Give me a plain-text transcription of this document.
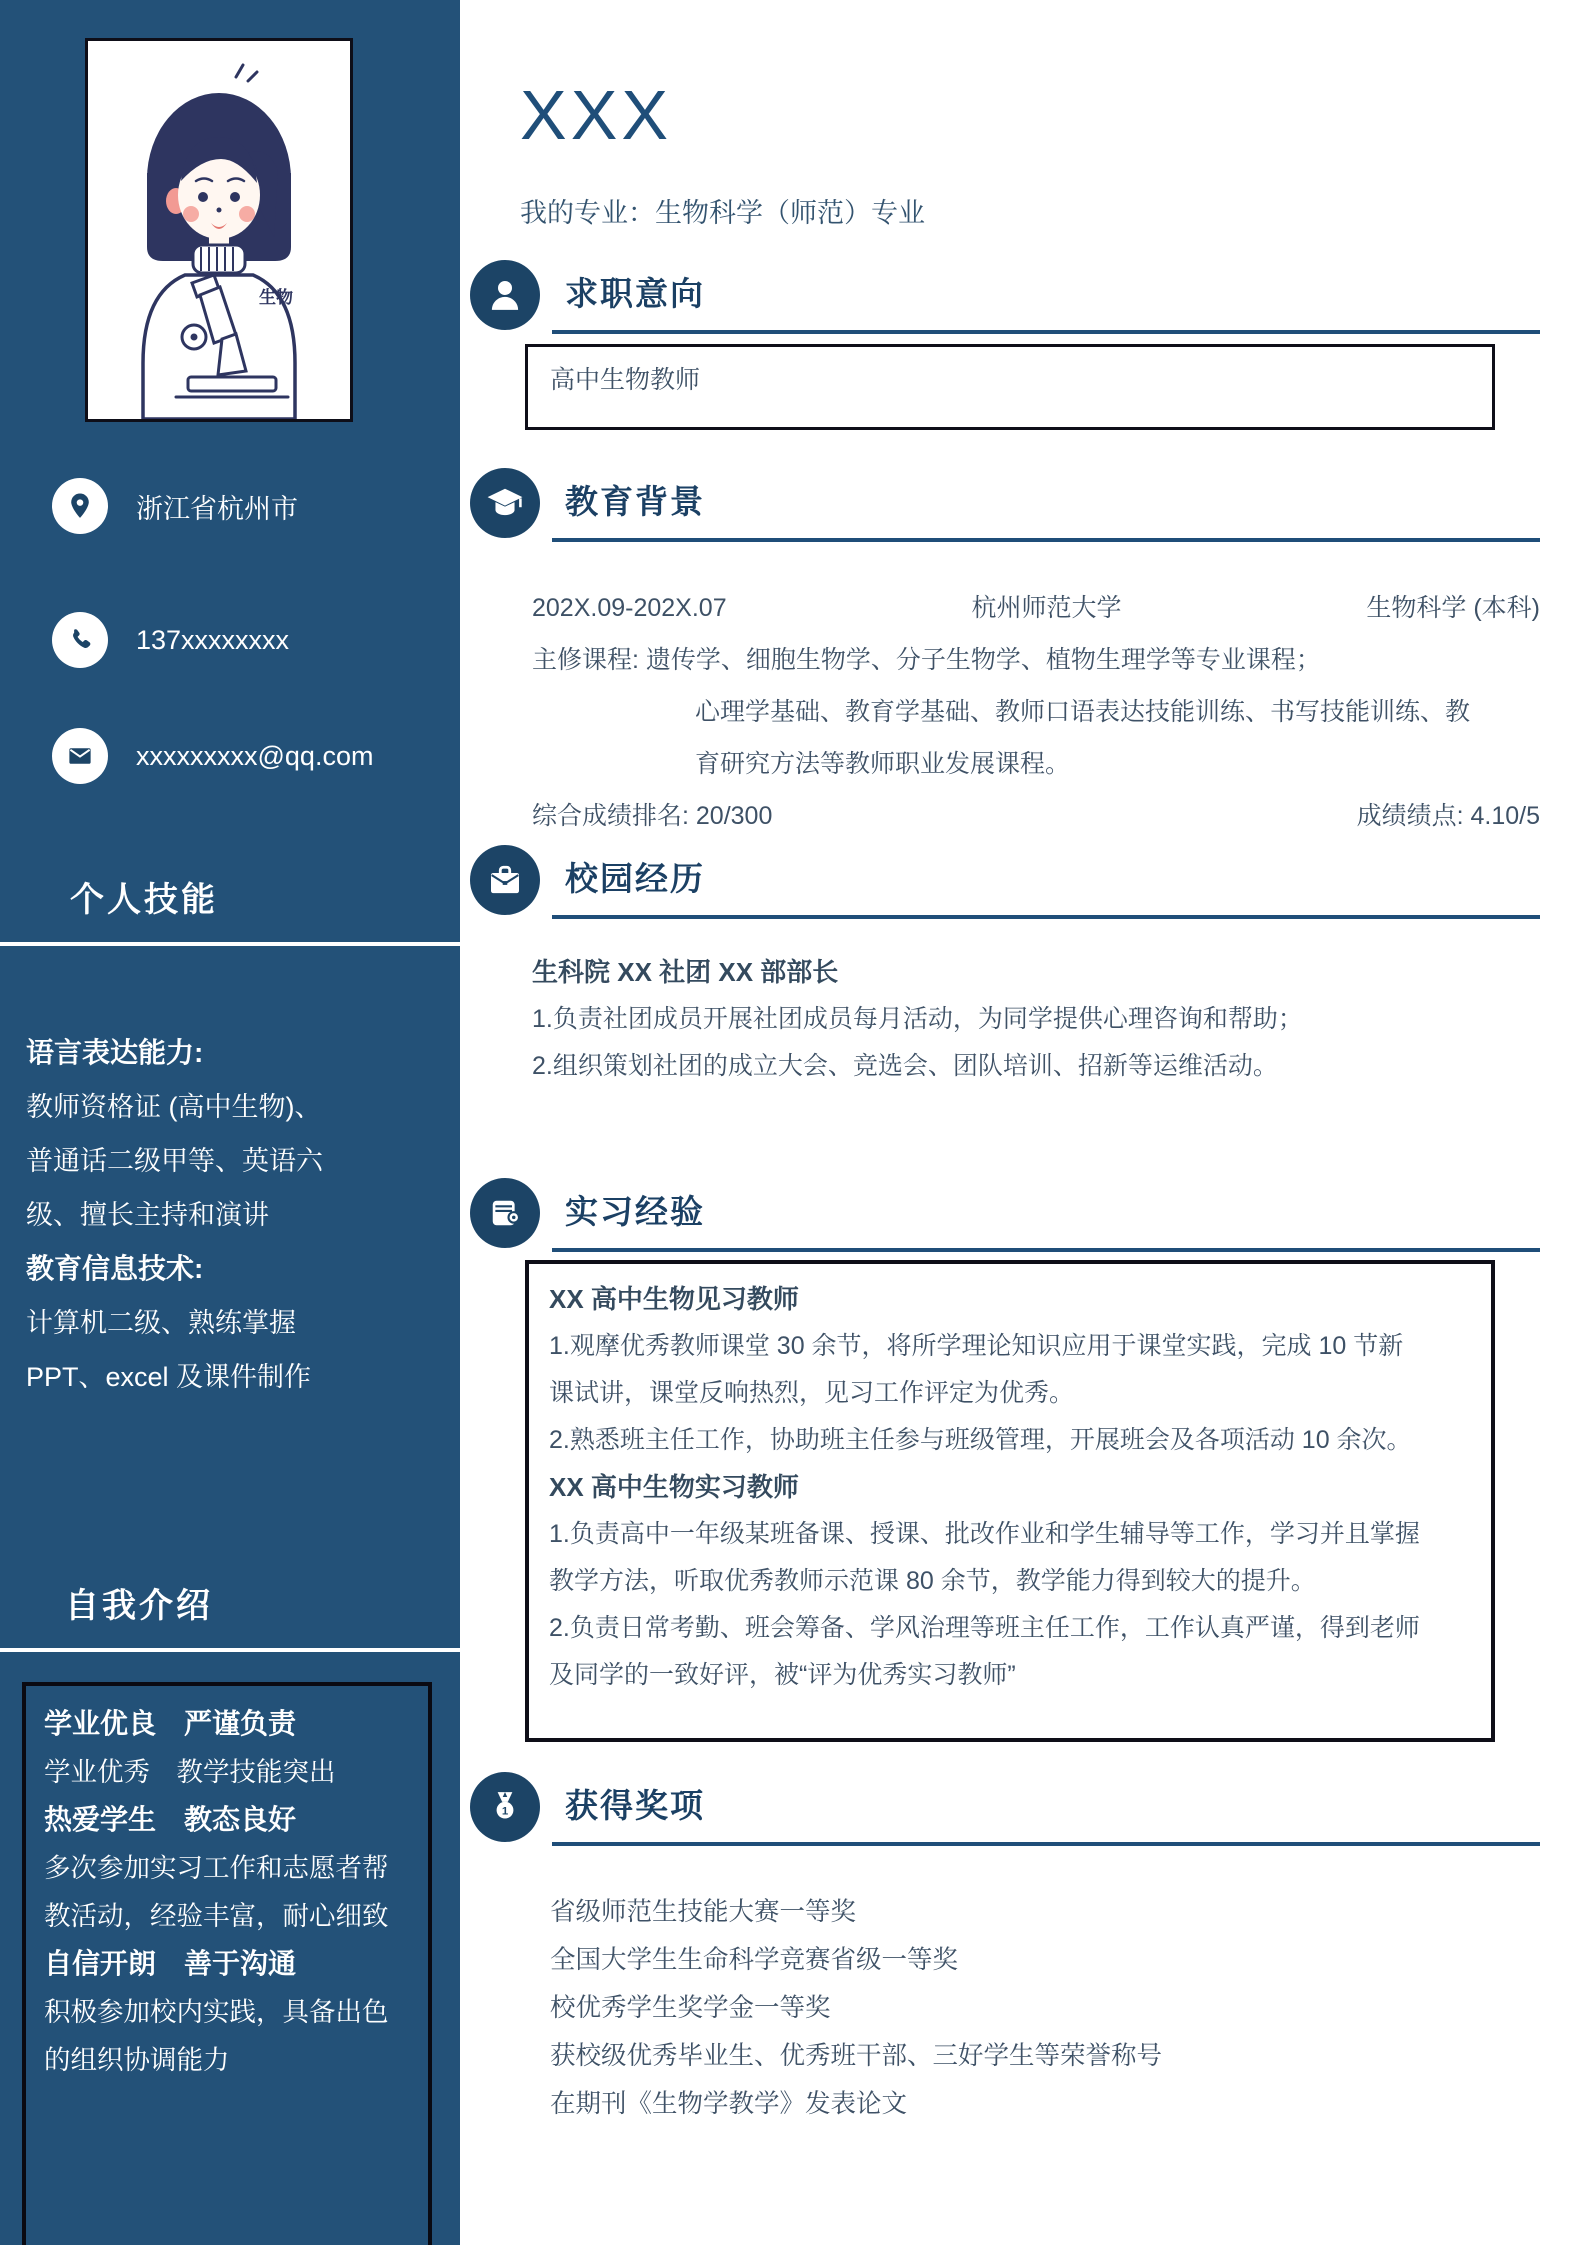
生物
浙江省杭州市
137xxxxxxxx
xxxxxxxxx@qq.com
个人技能
语言表达能力:
教师资格证 (高中生物)、
普通话二级甲等、英语六
级、擅长主持和演讲
教育信息技术:
计算机二级、熟练掌握
PPT、excel 及课件制作
自我介绍
学业优良　严谨负责
学业优秀　教学技能突出
热爱学生　教态良好
多次参加实习工作和志愿者帮
教活动，经验丰富，耐心细致
自信开朗　善于沟通
积极参加校内实践，具备出色
的组织协调能力
XXX
我的专业：生物科学（师范）专业
求职意向
高中生物教师
教育背景
202X.09-202X.07	杭州师范大学	生物科学 (本科)
主修课程: 遗传学、细胞生物学、分子生物学、植物生理学等专业课程；
心理学基础、教育学基础、教师口语表达技能训练、书写技能训练、教
育研究方法等教师职业发展课程。
综合成绩排名: 20/300	成绩绩点: 4.10/5
校园经历
生科院 XX 社团 XX 部部长
1.负责社团成员开展社团成员每月活动，为同学提供心理咨询和帮助；
2.组织策划社团的成立大会、竞选会、团队培训、招新等运维活动。
实习经验
XX 高中生物见习教师
1.观摩优秀教师课堂 30 余节，将所学理论知识应用于课堂实践，完成 10 节新
课试讲，课堂反响热烈，见习工作评定为优秀。
2.熟悉班主任工作，协助班主任参与班级管理，开展班会及各项活动 10 余次。
XX 高中生物实习教师
1.负责高中一年级某班备课、授课、批改作业和学生辅导等工作，学习并且掌握
教学方法，听取优秀教师示范课 80 余节，教学能力得到较大的提升。
2.负责日常考勤、班会筹备、学风治理等班主任工作，工作认真严谨，得到老师
及同学的一致好评，被“评为优秀实习教师”
1 获得奖项
省级师范生技能大赛一等奖
全国大学生生命科学竞赛省级一等奖
校优秀学生奖学金一等奖
获校级优秀毕业生、优秀班干部、三好学生等荣誉称号
在期刊《生物学教学》发表论文
